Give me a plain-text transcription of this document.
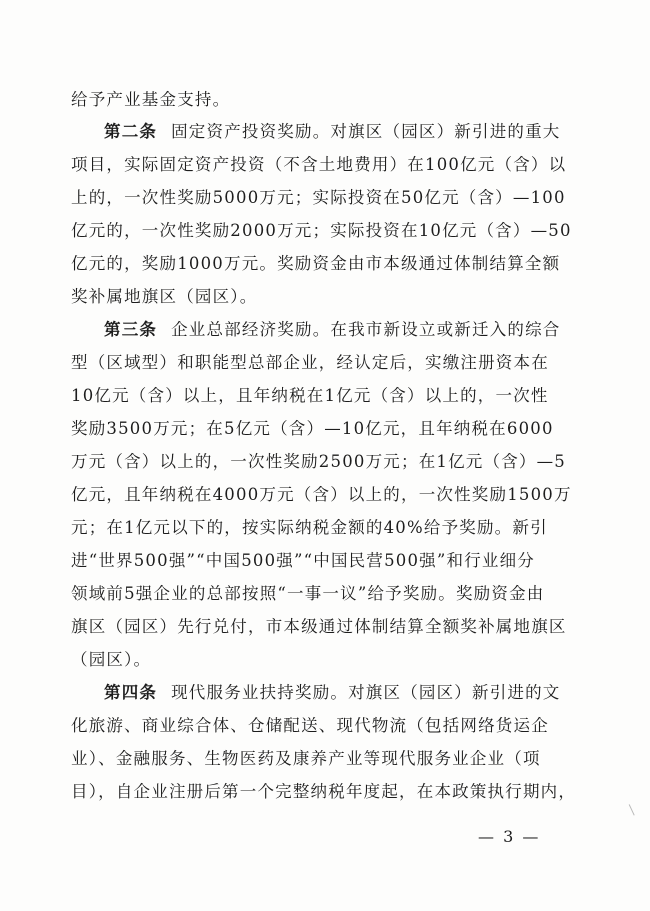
给予产业基金支持。
第二条 固定资产投资奖励。对旗区（园区）新引进的重大
项目，实际固定资产投资（不含土地费用）在100亿元（含）以
上的，一次性奖励5000万元；实际投资在50亿元（含）—100
亿元的，一次性奖励2000万元；实际投资在10亿元（含）—50
亿元的，奖励1000万元。奖励资金由市本级通过体制结算全额
奖补属地旗区（园区）。
第三条 企业总部经济奖励。在我市新设立或新迁入的综合
型（区域型）和职能型总部企业，经认定后，实缴注册资本在
10亿元（含）以上，且年纳税在1亿元（含）以上的，一次性
奖励3500万元；在5亿元（含）—10亿元，且年纳税在6000
万元（含）以上的，一次性奖励2500万元；在1亿元（含）—5
亿元，且年纳税在4000万元（含）以上的，一次性奖励1500万
元；在1亿元以下的，按实际纳税金额的40%给予奖励。新引
进“世界500强”“中国500强”“中国民营500强”和行业细分
领域前5强企业的总部按照“一事一议”给予奖励。奖励资金由
旗区（园区）先行兑付，市本级通过体制结算全额奖补属地旗区
（园区）。
第四条 现代服务业扶持奖励。对旗区（园区）新引进的文
化旅游、商业综合体、仓储配送、现代物流（包括网络货运企
业）、金融服务、生物医药及康养产业等现代服务业企业（项
目），自企业注册后第一个完整纳税年度起，在本政策执行期内，
— 3 —
